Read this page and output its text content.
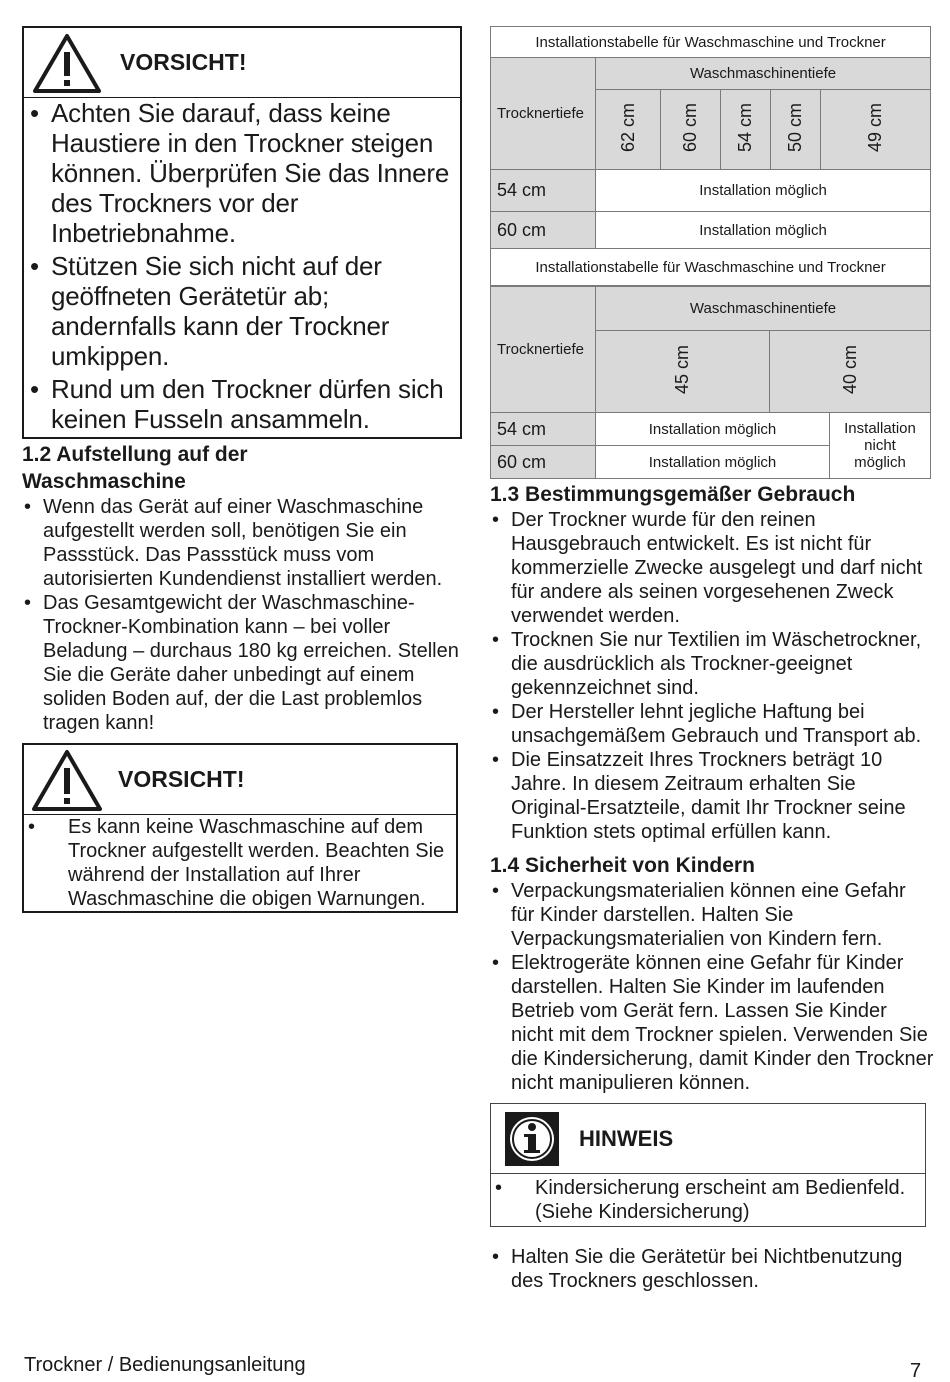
VORSICHT!
• Achten Sie darauf, dass keine Haustiere in den Trockner steigen können. Überprüfen Sie das Innere des Trockners vor der Inbetriebnahme.
• Stützen Sie sich nicht auf der geöffneten Gerätetür ab; andernfalls kann der Trockner umkippen.
• Rund um den Trockner dürfen sich keinen Fusseln ansammeln.
1.2 Aufstellung auf der
Waschmaschine
• Wenn das Gerät auf einer Waschmaschine aufgestellt werden soll, benötigen Sie ein Passstück. Das Passstück muss vom autorisierten Kundendienst installiert werden.
• Das Gesamtgewicht der Waschmaschine-Trockner-Kombination kann – bei voller Beladung – durchaus 180 kg erreichen. Stellen Sie die Geräte daher unbedingt auf einem soliden Boden auf, der die Last problemlos tragen kann!
VORSICHT!
•	Es kann keine Waschmaschine auf dem Trockner aufgestellt werden. Beachten Sie während der Installation auf Ihrer Waschmaschine die obigen Warnungen.
Installationstabelle für Waschmaschine und Trockner					
Trocknertiefe	Waschmaschinentiefe				
	62 cm	60 cm	54 cm	50 cm	49 cm
54 cm	Installation möglich				
60 cm	Installation möglich				
Installationstabelle für Waschmaschine und Trockner					
Trocknertiefe	Waschmaschinentiefe		
	45 cm	40 cm	
54 cm	Installation möglich		Installation
nicht
möglich
60 cm	Installation möglich		
1.3 Bestimmungsgemäßer Gebrauch
• Der Trockner wurde für den reinen Hausgebrauch entwickelt. Es ist nicht für kommerzielle Zwecke ausgelegt und darf nicht für andere als seinen vorgesehenen Zweck verwendet werden.
• Trocknen Sie nur Textilien im Wäschetrockner, die ausdrücklich als Trockner-geeignet gekennzeichnet sind.
• Der Hersteller lehnt jegliche Haftung bei unsachgemäßem Gebrauch und Transport ab.
• Die Einsatzzeit Ihres Trockners beträgt 10 Jahre. In diesem Zeitraum erhalten Sie Original-Ersatzteile, damit Ihr Trockner seine Funktion stets optimal erfüllen kann.
1.4 Sicherheit von Kindern
• Verpackungsmaterialien können eine Gefahr für Kinder darstellen. Halten Sie Verpackungsmaterialien von Kindern fern.
• Elektrogeräte können eine Gefahr für Kinder darstellen. Halten Sie Kinder im laufenden Betrieb vom Gerät fern. Lassen Sie Kinder nicht mit dem Trockner spielen. Verwenden Sie die Kindersicherung, damit Kinder den Trockner nicht manipulieren können.
HINWEIS
•	Kindersicherung erscheint am Bedienfeld. (Siehe Kindersicherung)
• Halten Sie die Gerätetür bei Nichtbenutzung des Trockners geschlossen.
Trockner / Bedienungsanleitung	7
